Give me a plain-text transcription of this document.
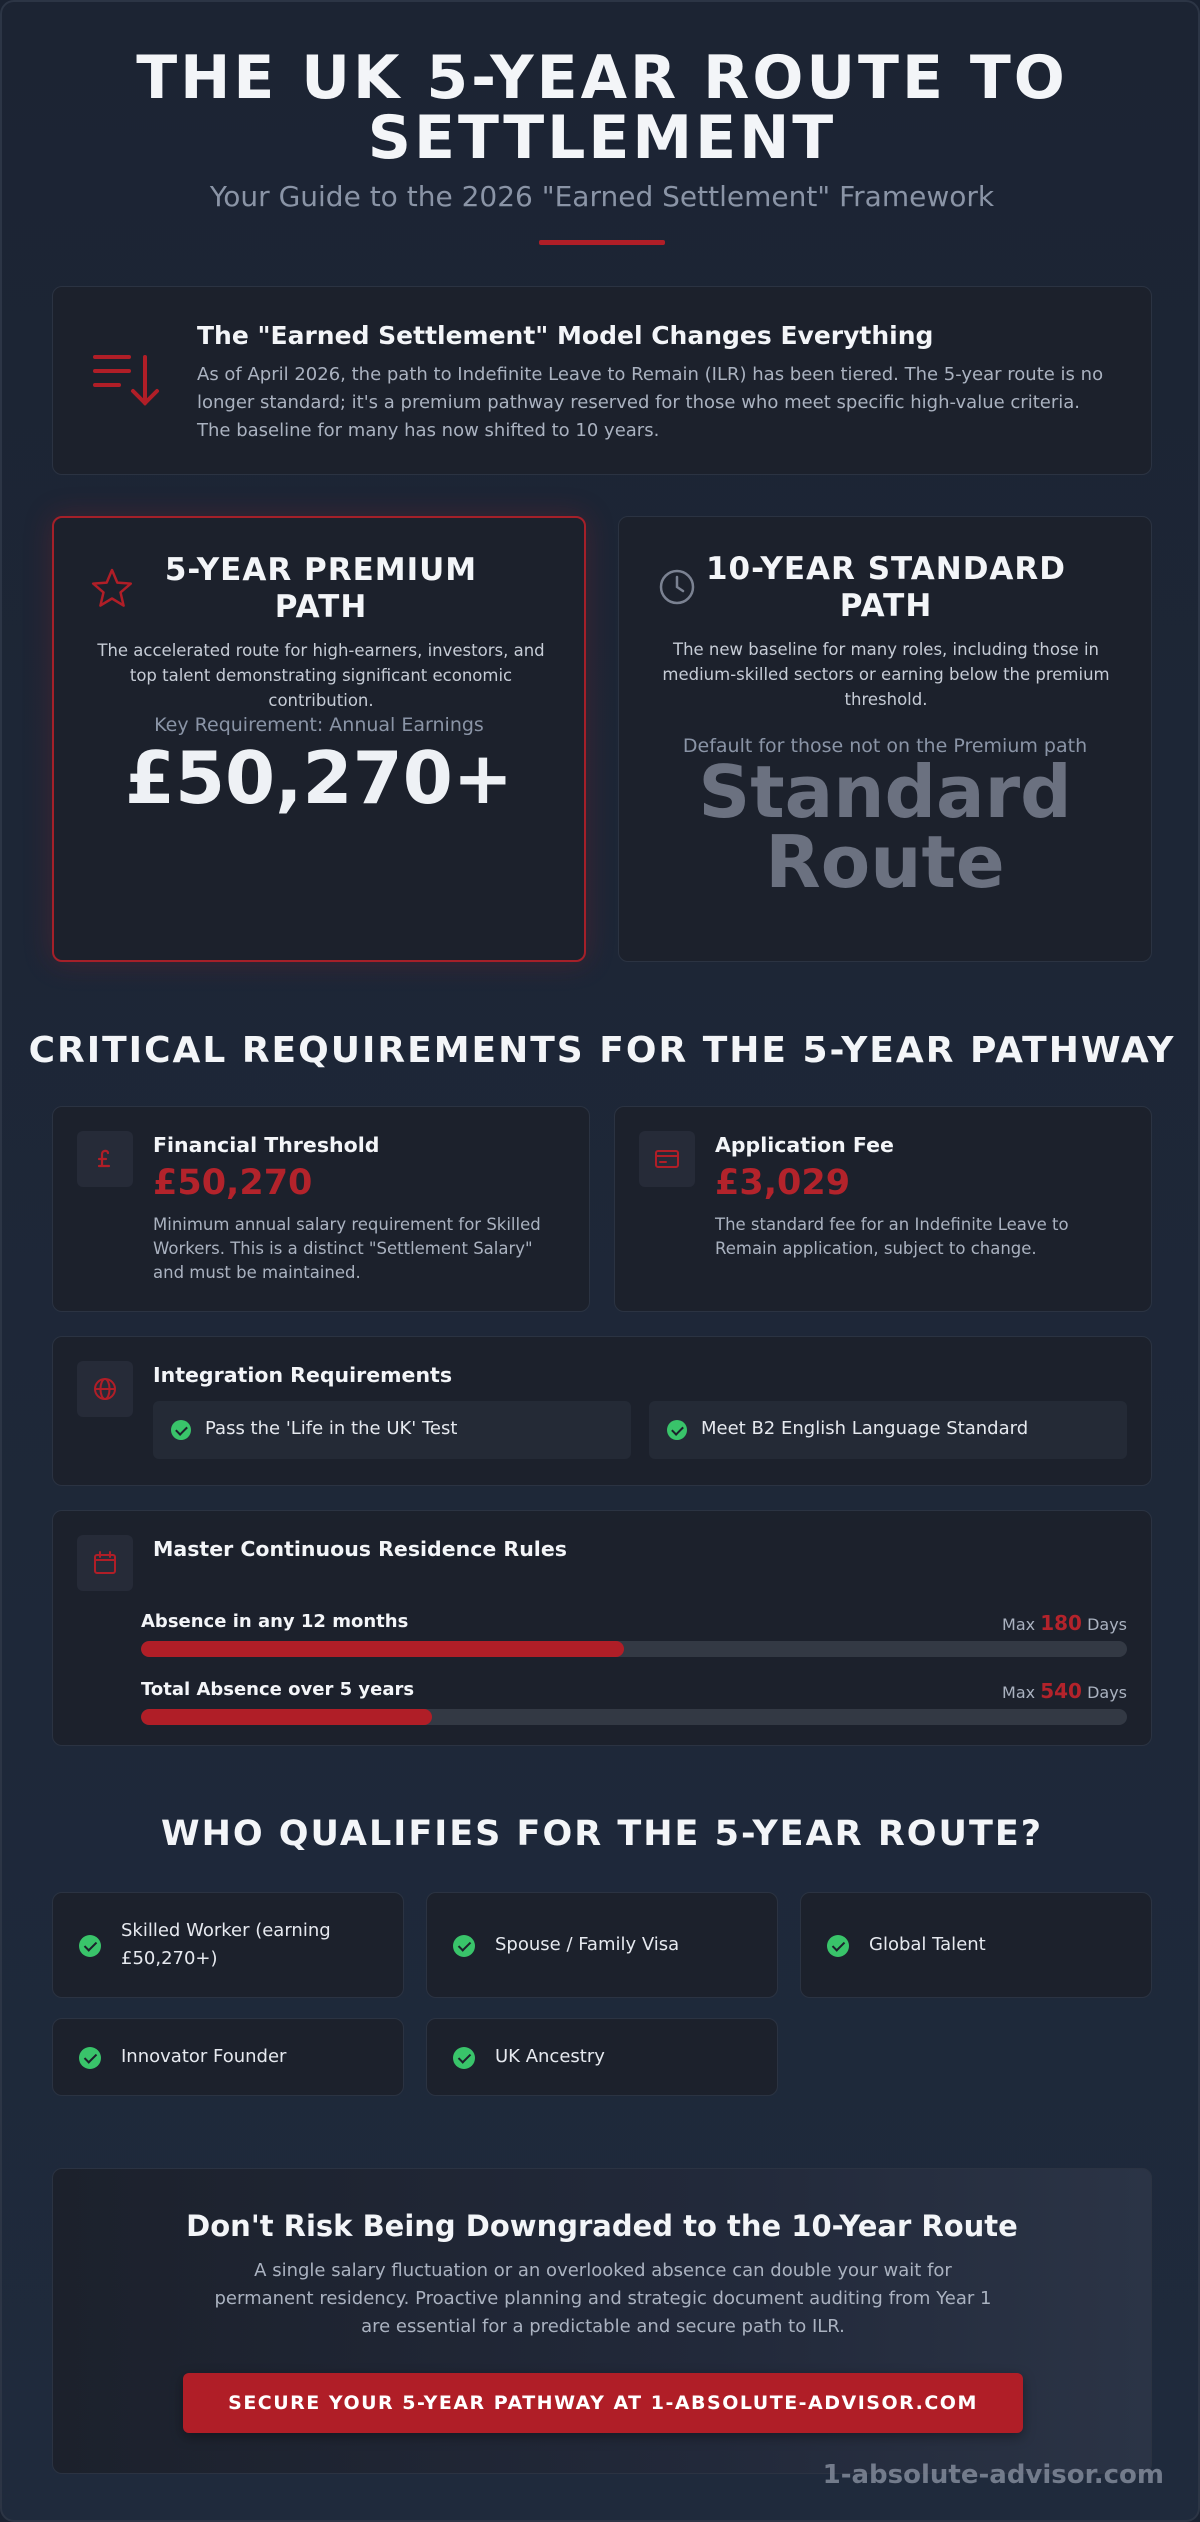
THE UK 5-YEAR ROUTE TO SETTLEMENT
Your Guide to the 2026 "Earned Settlement" Framework
The "Earned Settlement" Model Changes Everything
As of April 2026, the path to Indefinite Leave to Remain (ILR) has been tiered. The 5-year route is no longer standard; it's a premium pathway reserved for those who meet specific high-value criteria. The baseline for many has now shifted to 10 years.
5-YEAR PREMIUM PATH
The accelerated route for high-earners, investors, and top talent demonstrating significant economic contribution.
Key Requirement: Annual Earnings
£50,270+
10-YEAR STANDARD PATH
The new baseline for many roles, including those in medium-skilled sectors or earning below the premium threshold.
Default for those not on the Premium path
Standard Route
CRITICAL REQUIREMENTS FOR THE 5-YEAR PATHWAY
Financial Threshold
£50,270
Minimum annual salary requirement for Skilled Workers. This is a distinct "Settlement Salary" and must be maintained.
Application Fee
£3,029
The standard fee for an Indefinite Leave to Remain application, subject to change.
Integration Requirements
Pass the 'Life in the UK' Test	Meet B2 English Language Standard
Master Continuous Residence Rules
Absence in any 12 months	Max 180 Days
Total Absence over 5 years	Max 540 Days
WHO QUALIFIES FOR THE 5-YEAR ROUTE?
Skilled Worker (earning £50,270+)
Spouse / Family Visa	Global Talent
Innovator Founder	UK Ancestry
Don't Risk Being Downgraded to the 10-Year Route
A single salary fluctuation or an overlooked absence can double your wait for permanent residency. Proactive planning and strategic document auditing from Year 1 are essential for a predictable and secure path to ILR.
SECURE YOUR 5-YEAR PATHWAY AT 1-ABSOLUTE-ADVISOR.COM
1-absolute-advisor.com
